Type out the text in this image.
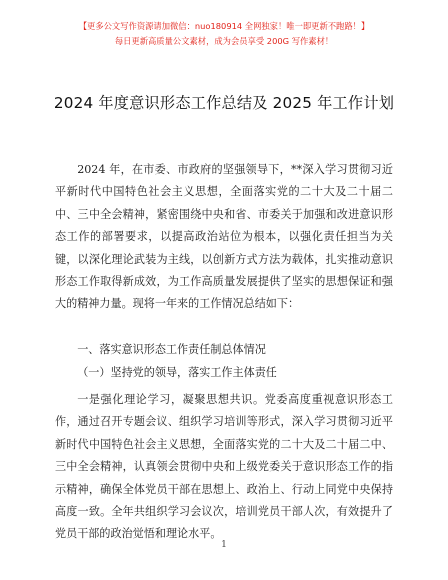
【更多公文写作资源请加微信：nuo180914 全网独家！唯一即更新不跑路！】
每日更新高质量公文素材，成为会员享受 200G 写作素材！
2024 年度意识形态工作总结及 2025 年工作计划

2024 年，在市委、市政府的坚强领导下，**深入学习贯彻习近平新时代中国特色社会主义思想，全面落实党的二十大及二十届二中、三中全会精神，紧密围绕中央和省、市委关于加强和改进意识形态工作的部署要求，以提高政治站位为根本，以强化责任担当为关键，以深化理论武装为主线，以创新方式方法为载体，扎实推动意识形态工作取得新成效，为工作高质量发展提供了坚实的思想保证和强大的精神力量。现将一年来的工作情况总结如下：

一、落实意识形态工作责任制总体情况
（一）坚持党的领导，落实工作主体责任

一是强化理论学习，凝聚思想共识。党委高度重视意识形态工作，通过召开专题会议、组织学习培训等形式，深入学习贯彻习近平新时代中国特色社会主义思想，全面落实党的二十大及二十届二中、三中全会精神，认真领会贯彻中央和上级党委关于意识形态工作的指示精神，确保全体党员干部在思想上、政治上、行动上同党中央保持高度一致。全年共组织学习会议次，培训党员干部人次，有效提升了党员干部的政治觉悟和理论水平。

1
